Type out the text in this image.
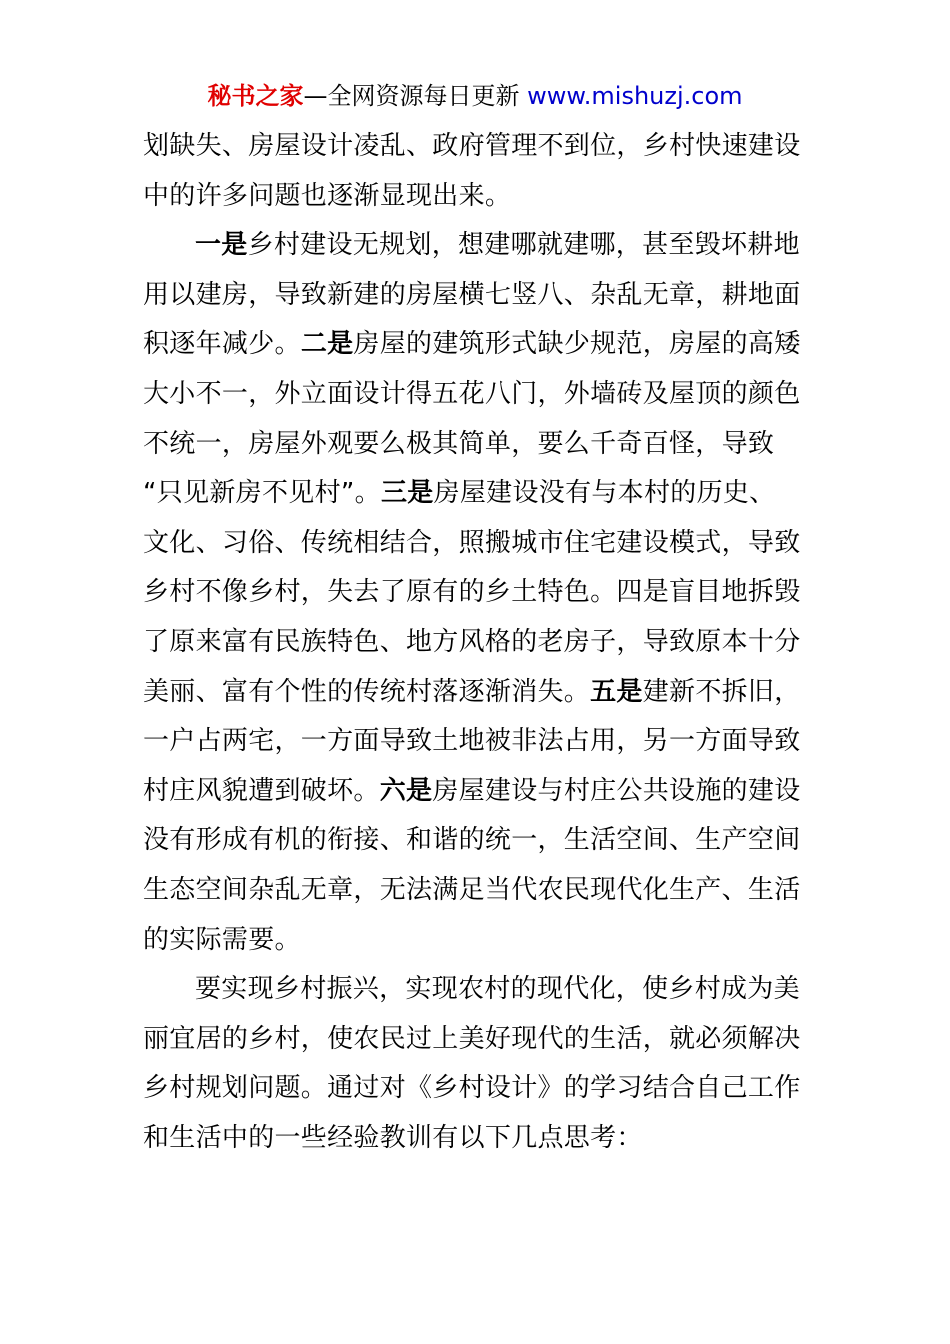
秘书之家—全网资源每日更新 www.mishuzj.com
划缺失、房屋设计凌乱、政府管理不到位，乡村快速建设
中的许多问题也逐渐显现出来。
一是乡村建设无规划，想建哪就建哪，甚至毁坏耕地
用以建房，导致新建的房屋横七竖八、杂乱无章，耕地面
积逐年减少。二是房屋的建筑形式缺少规范，房屋的高矮
大小不一，外立面设计得五花八门，外墙砖及屋顶的颜色
不统一，房屋外观要么极其简单，要么千奇百怪，导致
“只见新房不见村”。三是房屋建设没有与本村的历史、
文化、习俗、传统相结合，照搬城市住宅建设模式，导致
乡村不像乡村，失去了原有的乡土特色。四是盲目地拆毁
了原来富有民族特色、地方风格的老房子，导致原本十分
美丽、富有个性的传统村落逐渐消失。五是建新不拆旧，
一户占两宅，一方面导致土地被非法占用，另一方面导致
村庄风貌遭到破坏。六是房屋建设与村庄公共设施的建设
没有形成有机的衔接、和谐的统一，生活空间、生产空间
生态空间杂乱无章，无法满足当代农民现代化生产、生活
的实际需要。
要实现乡村振兴，实现农村的现代化，使乡村成为美
丽宜居的乡村，使农民过上美好现代的生活，就必须解决
乡村规划问题。通过对《乡村设计》的学习结合自己工作
和生活中的一些经验教训有以下几点思考：
